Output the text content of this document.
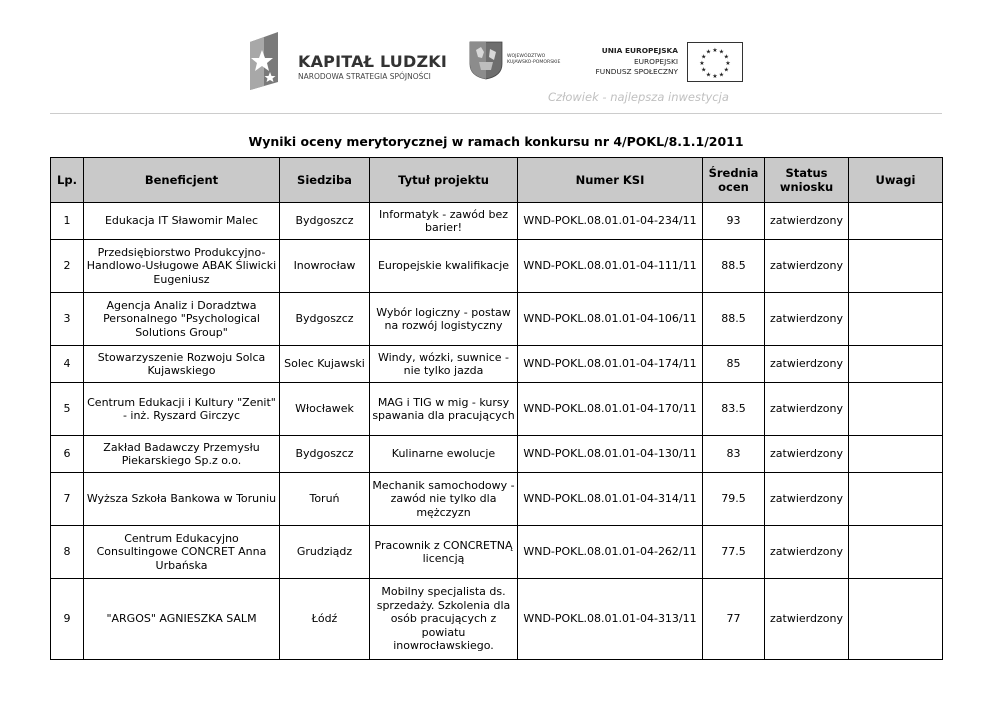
KAPITAŁ LUDZKI
NARODOWA STRATEGIA SPÓJNOŚCI
WOJEWÓDZTWO
KUJAWSKO-POMORSKIE
UNIA EUROPEJSKA
EUROPEJSKI
FUNDUSZ SPOŁECZNY
★ ★
★
★
★
★
★
★
★
★
★
★
Człowiek - najlepsza inwestycja
Wyniki oceny merytorycznej w ramach konkursu nr 4/POKL/8.1.1/2011
Lp.	Beneficjent	Siedziba	Tytuł projektu	Numer KSI	Średnia ocen	Status wniosku	Uwagi
1	Edukacja IT Sławomir Malec	Bydgoszcz	Informatyk - zawód bez barier!	WND-POKL.08.01.01-04-234/11	93	zatwierdzony	
2	Przedsiębiorstwo Produkcyjno-Handlowo-Usługowe ABAK Śliwicki Eugeniusz	Inowrocław	Europejskie kwalifikacje	WND-POKL.08.01.01-04-111/11	88.5	zatwierdzony	
3	Agencja Analiz i Doradztwa Personalnego "Psychological Solutions Group"	Bydgoszcz	Wybór logiczny - postaw na rozwój logistyczny	WND-POKL.08.01.01-04-106/11	88.5	zatwierdzony	
4	Stowarzyszenie Rozwoju Solca Kujawskiego	Solec Kujawski	Windy, wózki, suwnice - nie tylko jazda	WND-POKL.08.01.01-04-174/11	85	zatwierdzony	
5	Centrum Edukacji i Kultury "Zenit" - inż. Ryszard Girczyc	Włocławek	MAG i TIG w mig - kursy spawania dla pracujących	WND-POKL.08.01.01-04-170/11	83.5	zatwierdzony	
6	Zakład Badawczy Przemysłu Piekarskiego Sp.z o.o.	Bydgoszcz	Kulinarne ewolucje	WND-POKL.08.01.01-04-130/11	83	zatwierdzony	
7	Wyższa Szkoła Bankowa w Toruniu	Toruń	Mechanik samochodowy - zawód nie tylko dla mężczyzn	WND-POKL.08.01.01-04-314/11	79.5	zatwierdzony	
8	Centrum Edukacyjno Consultingowe CONCRET Anna Urbańska	Grudziądz	Pracownik z CONCRETNĄ licencją	WND-POKL.08.01.01-04-262/11	77.5	zatwierdzony	
9	"ARGOS" AGNIESZKA SALM	Łódź	Mobilny specjalista ds. sprzedaży. Szkolenia dla osób pracujących z powiatu inowrocławskiego.	WND-POKL.08.01.01-04-313/11	77	zatwierdzony	
